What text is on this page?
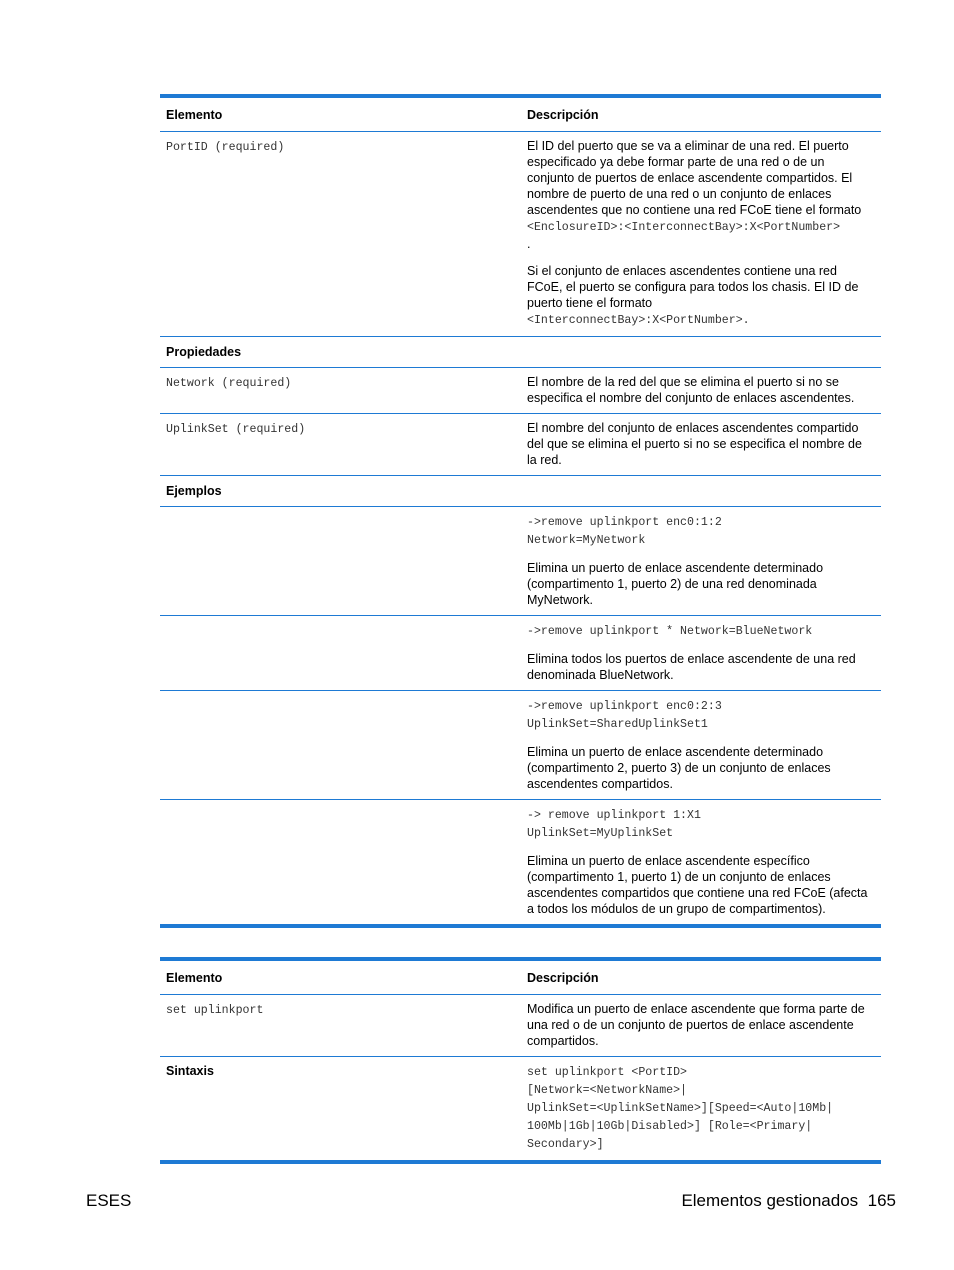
Elemento	Descripción
PortID (required)	El ID del puerto que se va a eliminar de una red. El puerto especificado ya debe formar parte de una red o de un conjunto de puertos de enlace ascendente compartidos. El nombre de puerto de una red o un conjunto de enlaces ascendentes que no contiene una red FCoE tiene el formato
<EnclosureID>:<InterconnectBay>:X<PortNumber>
.

Si el conjunto de enlaces ascendentes contiene una red FCoE, el puerto se configura para todos los chasis. El ID de puerto tiene el formato
<InterconnectBay>:X<PortNumber>.

Propiedades	
Network (required)	El nombre de la red del que se elimina el puerto si no se especifica el nombre del conjunto de enlaces ascendentes.
UplinkSet (required)	El nombre del conjunto de enlaces ascendentes compartido del que se elimina el puerto si no se especifica el nombre de la red.
Ejemplos	

	->remove uplinkport enc0:1:2
Network=MyNetwork

Elimina un puerto de enlace ascendente determinado (compartimento 1, puerto 2) de una red denominada MyNetwork.

	->remove uplinkport * Network=BlueNetwork

Elimina todos los puertos de enlace ascendente de una red denominada BlueNetwork.

	->remove uplinkport enc0:2:3
UplinkSet=SharedUplinkSet1

Elimina un puerto de enlace ascendente determinado (compartimento 2, puerto 3) de un conjunto de enlaces ascendentes compartidos.

	-> remove uplinkport 1:X1
UplinkSet=MyUplinkSet

Elimina un puerto de enlace ascendente específico (compartimento 1, puerto 1) de un conjunto de enlaces ascendentes compartidos que contiene una red FCoE (afecta a todos los módulos de un grupo de compartimentos).

Elemento	Descripción
set uplinkport	Modifica un puerto de enlace ascendente que forma parte de una red o de un conjunto de puertos de enlace ascendente compartidos.
Sintaxis	set uplinkport <PortID>
[Network=<NetworkName>|
UplinkSet=<UplinkSetName>][Speed=<Auto|10Mb|
100Mb|1Gb|10Gb|Disabled>] [Role=<Primary|
Secondary>]
ESES	Elementos gestionados 165
